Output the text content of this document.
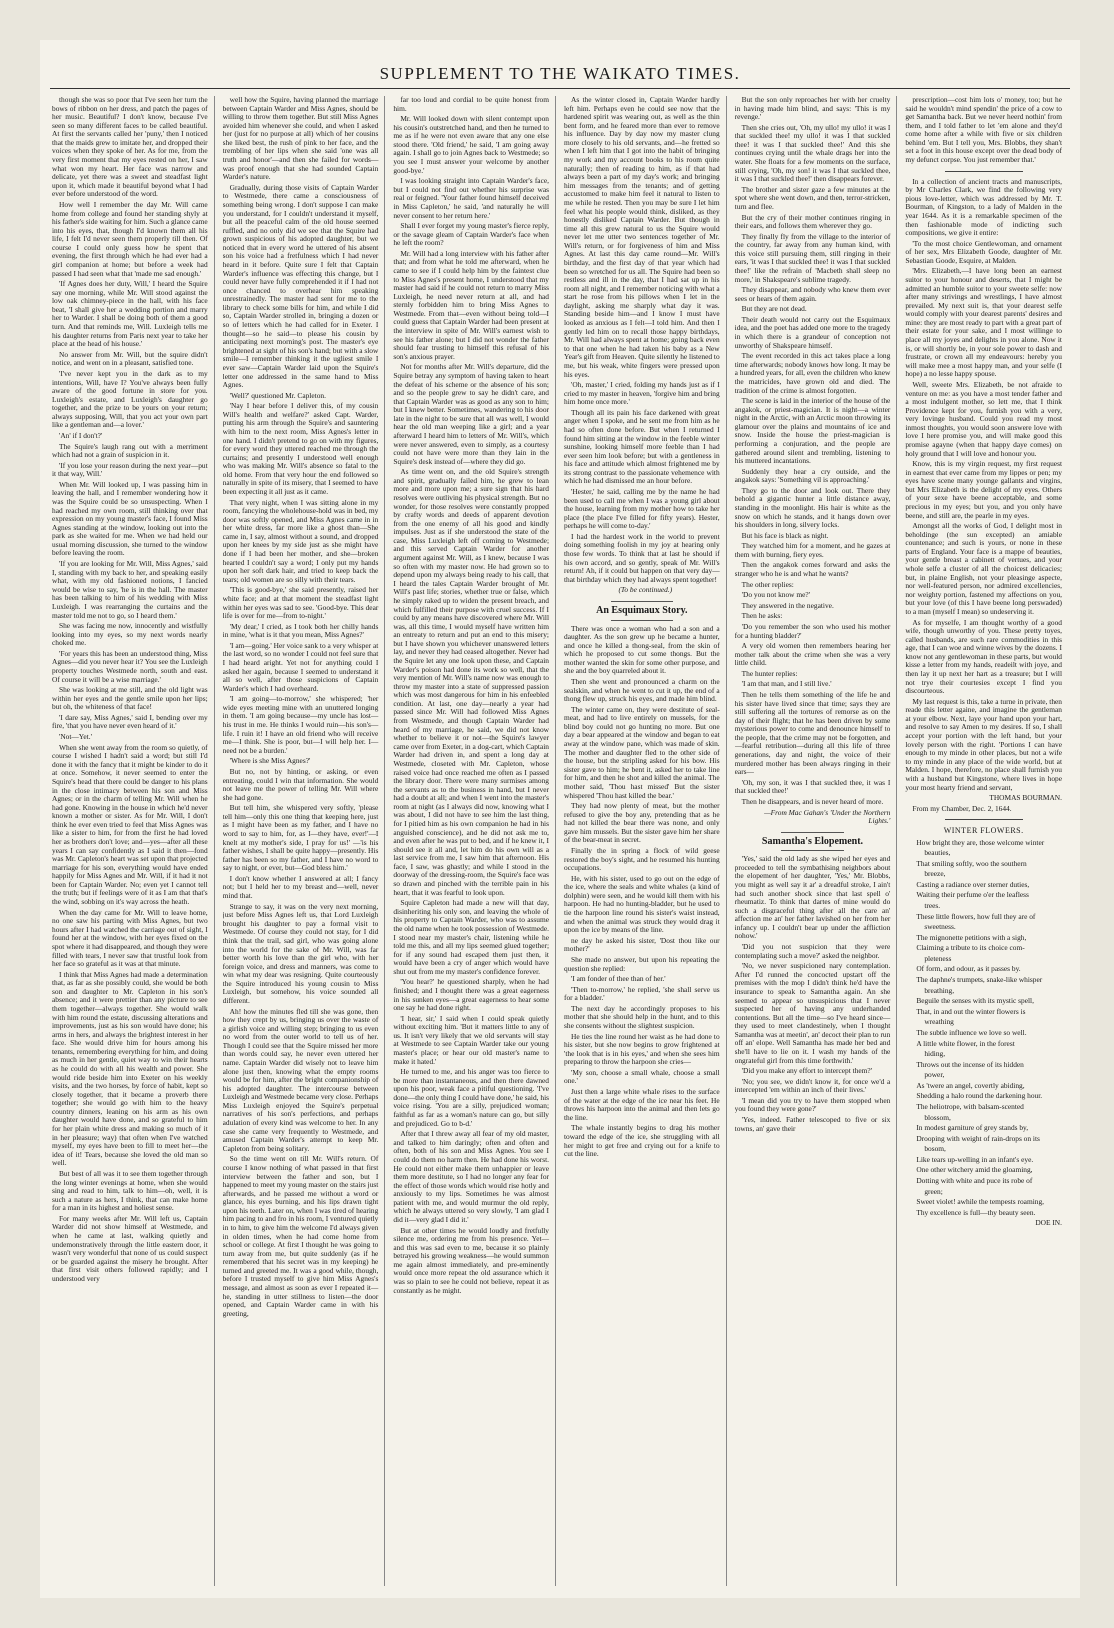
SUPPLEMENT TO THE WAIKATO TIMES.

though she was so poor that I've seen her turn the bows of ribbon on her dress, and patch the pages of her music. Beautiful? I don't know, because I've seen so many different faces to be called beautiful. At first the servants called her 'puny,' then I noticed that the maids grew to imitate her, and dropped their voices when they spoke of her. As for me, from the very first moment that my eyes rested on her, I saw what won my heart. Her face was narrow and delicate, yet there was a sweet and steadfast light upon it, which made it beautiful beyond what I had ever before understood of the word.

How well I remember the day Mr. Will came home from college and found her standing shyly at his father's side waiting for him. Such a glance came into his eyes, that, though I'd known them all his life, I felt I'd never seen them properly till then. Of course I could only guess how he spent that evening, the first through which he had ever had a girl companion at home; but before a week had passed I had seen what that 'made me sad enough.'

'If Agnes does her duty, Will,' I heard the Squire say one morning, while Mr. Will stood against the low oak chimney-piece in the hall, with his face beat, 'I shall give her a wedding portion and marry her to Warder. I shall be doing both of them a good turn. And that reminds me, Will. Luxleigh tells me his daughter returns from Paris next year to take her place at the head of his house.'

No answer from Mr. Will, but the squire didn't notice, and went on in a pleasant, satisfied tone.

'I've never kept you in the dark as to my intentions, Will, have I? You've always been fully aware of the good fortune in store for you. Luxleigh's estate, and Luxleigh's daughter go together, and the prize to be yours on your return; always supposing, Will, that you act your own part like a gentleman and—a lover.'

'An' if I don't?'

The Squire's laugh rang out with a merriment which had not a grain of suspicion in it.

'If you lose your reason during the next year—put it that way, Will.'

When Mr. Will looked up, I was passing him in leaving the hall, and I remember wondering how it was the Squire could be so unsuspecting. When I had reached my own room, still thinking over that expression on my young master's face, I found Miss Agnes standing at the window, looking out into the park as she waited for me. When we had held our usual morning discussion, she turned to the window before leaving the room.

'If you are looking for Mr. Will, Miss Agnes,' said I, standing with my back to her, and speaking easily what, with my old fashioned notions, I fancied would be wise to say, 'he is in the hall. The master has been talking to him of his wedding with Miss Luxleigh. I was rearranging the curtains and the master told me not to go, so I heard them.'

She was facing me now, innocently and wistfully looking into my eyes, so my next words nearly choked me.

'For years this has been an understood thing, Miss Agnes—did you never hear it? You see the Luxleigh property touches Westmede north, south and east. Of course it will be a wise marriage.'

She was looking at me still, and the old light was within her eyes and the gentle smile upon her lips; but oh, the whiteness of that face!

'I dare say, Miss Agnes,' said I, bending over my fire, 'that you have never even heard of it.'

'Not—Yet.'

When she went away from the room so quietly, of course I wished I hadn't said a word; but still I'd done it with the fancy that it might be kinder to do it at once. Somehow, it never seemed to enter the Squire's head that there could be danger to his plans in the close intimacy between his son and Miss Agnes; or in the charm of telling Mr. Will when he had gone. Knowing in the house in which he'd never known a mother or sister. As for Mr. Will, I don't think he ever even tried to feel that Miss Agnes was like a sister to him, for from the first he had loved her as brothers don't love; and—yes—after all these years I can say confidently as I said it then—fond was Mr. Capleton's heart was set upon that projected marriage for his son, everything would have ended happily for Miss Agnes and Mr. Will, if it had it not been for Captain Warder. No; even yet I cannot tell the truth; but if feelings were of it as I am that that's the wind, sobbing on it's way across the heath.

When the day came for Mr. Will to leave home, no one saw his parting with Miss Agnes, but two hours after I had watched the carriage out of sight, I found her at the window, with her eyes fixed on the spot where it had disappeared, and though they were filled with tears, I never saw that trustful look from her face so grateful as it was at that minute.

I think that Miss Agnes had made a determination that, as far as she possibly could, she would be both son and daughter to Mr. Capleton in his son's absence; and it were prettier than any picture to see them together—always together. She would walk with him round the estate, discussing alterations and improvements, just as his son would have done; his arms in hers, and always the brightest interest in her face. She would drive him for hours among his tenants, remembering everything for him, and doing as much in her gentle, quiet way to win their hearts as he could do with all his wealth and power. She would ride beside him into Exeter on his weekly visits, and the two horses, by force of habit, kept so closely together, that it became a proverb there together; she would go with him to the heavy country dinners, leaning on his arm as his own daughter would have done, and so grateful to him for her plain white dress and making so much of it in her pleasure; way) that often when I've watched myself, my eyes have been to fill to meet her—the idea of it! Tears, because she loved the old man so well.

But best of all was it to see them together through the long winter evenings at home, when she would sing and read to him, talk to him—oh, well, it is such a nature as hers, I think, that can make home for a man in its highest and holiest sense.

For many weeks after Mr. Will left us, Captain Warder did not show himself at Westmede, and when he came at last, walking quietly and undemonstratively through the little eastern door, it wasn't very wonderful that none of us could suspect or be guarded against the misery he brought. After that first visit others followed rapidly; and I understood very

well how the Squire, having planned the marriage between Captain Warder and Miss Agnes, should be willing to throw them together. But still Miss Agnes avoided him whenever she could, and when I asked her (just for no purpose at all) which of her cousins she liked best, the rush of pink to her face, and the trembling of her lips when she said 'one was all truth and honor'—and then she failed for words—was proof enough that she had sounded Captain Warder's nature.

Gradually, during those visits of Captain Warder to Westmede, there came a consciousness of something being wrong. I don't suppose I can make you understand, for I couldn't understand it myself, but all the peaceful calm of the old house seemed ruffled, and no only did we see that the Squire had grown suspicious of his adopted daughter, but we noticed that in every word he uttered of his absent son his voice had a fretfulness which I had never heard in it before. Quite sure I felt that Captain Warder's influence was effecting this change, but I could never have fully comprehended it if I had not once chanced to overhear him speaking unrestrainedly. The master had sent for me to the library to check some bills for him, and while I did so, Captain Warder strolled in, bringing a dozen or so of letters which he had called for in Exeter. I thought—so he said—to please his cousin by anticipating next morning's post. The master's eye brightened at sight of his son's hand; but with a slow smile—I remember thinking it the ugliest smile I ever saw—Captain Warder laid upon the Squire's letter one addressed in the same hand to Miss Agnes.

'Well?' questioned Mr. Capleton.

'Nay I hear before I deliver this, of my cousin Will's health and welfare?' asked Capt. Warder, putting his arm through the Squire's and sauntering with him to the next room, Miss Agnes's letter in one hand. I didn't pretend to go on with my figures, for every word they uttered reached me through the curtains; and presently I understood well enough who was making Mr. Will's absence so fatal to the old home. From that very hour the end followed so naturally in spite of its misery, that I seemed to have been expecting it all just as it came.

That very night, when I was sitting alone in my room, fancying the wholehouse-hold was in bed, my door was softly opened, and Miss Agnes came in in her white dress, far more like a ghost than—She came in, I say, almost without a sound, and dropped upon her knees by my side just as she might have done if I had been her mother, and she—broken hearted I couldn't say a word; I only put my hands upon her soft dark hair, and tried to keep back the tears; old women are so silly with their tears.

'This is good-bye,' she said presently, raised her white face; and at that moment the steadfast light within her eyes was sad to see. 'Good-bye. This dear life is over for me—from to-night.'

'My dear,' I cried, as I took both her chilly hands in mine, 'what is it that you mean, Miss Agnes?'

'I am—going.' Her voice sank to a very whisper at the last word, so no wonder I could not feel sure that I had heard aright. Yet not for anything could I asked her again, because I seemed to understand it all so well, after those suspicions of Captain Warder's which I had overheard.

'I am going—to-morrow,' she whispered; 'her wide eyes meeting mine with an unuttered longing in them. 'I am going because—my uncle has lost—his trust in me. He thinks I would ruin—his son's—life. I ruin it! I have an old friend who will receive me—I think. She is poor, but—I will help her. I—need not be a burden.'

'Where is she Miss Agnes?'

But no, not by hinting, or asking, or even entreating, could I win that information. She would not leave me the power of telling Mr. Will where she had gone.

But tell him, she whispered very softly, 'please tell him—only this one thing that keeping here, just as I might have been as my father, and I have no word to say to him, for, as I—they have, ever!'—I knelt at my mother's side, I pray for us!' —'is his father wishes, I shall be quite happy—presently. His father has been so my father, and I have no word to say to night, or ever, but—God bless him.'

I don't know whether I answered at all; I fancy not; but I held her to my breast and—well, never mind that.

Strange to say, it was on the very next morning, just before Miss Agnes left us, that Lord Luxleigh brought his daughter to pay a formal visit to Westmede. Of course they could not stay, for I did think that the trail, sad girl, who was going alone into the world for the sake of Mr. Will, was far better worth his love than the girl who, with her foreign voice, and dress and manners, was come to win what my dear was resigning. Quite courteously the Squire introduced his young cousin to Miss Luxleigh, but somehow, his voice sounded all different.

Ah! how the minutes fled till she was gone, then how they crept by us, bringing us over the waste of a girlish voice and willing step; bringing to us even no word from the outer world to tell us of her. Though I could see that the Squire missed her more than words could say, he never even uttered her name. Captain Warder did wisely not to leave him alone just then, knowing what the empty rooms would be for him, after the bright companionship of his adopted daughter. The intercourse between Luxleigh and Westmede became very close. Perhaps Miss Luxleigh enjoyed the Squire's perpetual narratives of his son's perfections, and perhaps adulation of every kind was welcome to her. In any case she came very frequently to Westmede, and amused Captain Warder's attempt to keep Mr. Capleton from being solitary.

So the time went on till Mr. Will's return. Of course I know nothing of what passed in that first interview between the father and son, but I happened to meet my young master on the stairs just afterwards, and he passed me without a word or glance, his eyes burning, and his lips drawn tight upon his teeth. Later on, when I was tired of hearing him pacing to and fro in his room, I ventured quietly in to him, to give him the welcome I'd always given in olden times, when he had come home from school or college. At first I thought he was going to turn away from me, but quite suddenly (as if he remembered that his secret was in my keeping) he turned and greeted me. It was a good while, though, before I trusted myself to give him Miss Agnes's message, and almost as soon as ever I repeated it—he, standing in utter stillness to listen—the door opened, and Captain Warder came in with his greeting,

far too loud and cordial to be quite honest from him.

Mr. Will looked down with silent contempt upon his cousin's outstretched hand, and then he turned to me as if he were not even aware that any one else stood there. 'Old friend,' he said, 'I am going away again. I shall go to join Agnes back to Westmede; so you see I must answer your welcome by another good-bye.'

I was looking straight into Captain Warder's face, but I could not find out whether his surprise was real or feigned. 'Your father found himself deceived in Miss Capleton,' he said, 'and naturally he will never consent to her return here.'

Shall I ever forget my young master's fierce reply, or the savage gleam of Captain Warder's face when he left the room?

Mr. Will had a long interview with his father after that; and from what he told me afterward, when he came to see if I could help him by the faintest clue to Miss Agnes's present home, I understood that my master had said if he could not return to marry Miss Luxleigh, he need never return at all, and had sternly forbidden him to bring Miss Agnes to Westmede. From that—even without being told—I could guess that Captain Warder had been present at the interview in spite of Mr. Will's earnest wish to see his father alone; but I did not wonder the father should fear trusting to himself this refusal of his son's anxious prayer.

Not for months after Mr. Will's departure, did the Squire betray any symptom of having taken to heart the defeat of his scheme or the absence of his son; and so the people grew to say he didn't care, and that Captain Warder was as good as any son to him; but I knew better. Sometimes, wandering to his door late in the night to be sure that all was well, I would hear the old man weeping like a girl; and a year afterward I heard him to letters of Mr. Will's, which were never answered, even to simply, as a courtesy could not have were more than they lain in the Squire's desk instead of—where they did go.

As time went on, and the old Squire's strength and spirit, gradually failed him, he grew to lean more and more upon me; a sure sign that his hard resolves were outliving his physical strength. But no wonder, for those resolves were constantly propped by crafty words and deeds of apparent devotion from the one enemy of all his good and kindly impulses. Just as if she understood the state of the case, Miss Luxleigh left off coming to Westmede; and this served Captain Warder for another argument against Mr. Will, as I knew, because I was so often with my master now. He had grown so to depend upon my always being ready to his call, that I heard the tales Captain Warder brought of Mr. Will's past life; stories, whether true or false, which he simply raked up to widen the present breach, and which fulfilled their purpose with cruel success. If I could by any means have discovered where Mr. Will was, all this time, I would myself have written him an entreaty to return and put an end to this misery; but I have shown you whichever unanswered letters lay, and never they had ceased altogether. Never had the Squire let any one look upon these, and Captain Warder's poison had done its work so well, that the very mention of Mr. Will's name now was enough to throw my master into a state of suppressed passion which was most dangerous for him in his enfeebled condition. At last, one day—nearly a year had passed since Mr. Will had followed Miss Agnes from Westmede, and though Captain Warder had heard of my marriage, he said, we did not know whether to believe it or not—the Squire's lawyer came over from Exeter, in a dog-cart, which Captain Warder had driven in, and spent a long day at Westmede, closeted with Mr. Capleton, whose raised voice had once reached me often as I passed the library door. There were many surmises among the servants as to the business in hand, but I never had a doubt at all; and when I went into the master's room at night (as I always did now, knowing what I was about, I did not have to see him the last thing, for I pitied him as his own companion he had in his anguished conscience), and he did not ask me to, and even after he was put to bed, and if he knew it, I should see it all and, let him do his own will as a last service from me, I saw him that afternoon. His face, I saw, was ghastly; and while I stood in the doorway of the dressing-room, the Squire's face was so drawn and pinched with the terrible pain in his heart, that it was fearful to look upon.

Squire Capleton had made a new will that day, disinheriting his only son, and leaving the whole of his property to Captain Warder, who was to assume the old name when he took possession of Westmede. I stood near my master's chair, listening while he told me this, and all my lips seemed glued together; for if any sound had escaped them just then, it would have been a cry of anger which would have shut out from me my master's confidence forever.

'You hear?' he questioned sharply, when he had finished; and I thought there was a great eagerness in his sunken eyes—a great eagerness to hear some one say he had done right.

'I hear, sir,' I said when I could speak quietly without exciting him. 'But it matters little to any of us. It isn't very likely that we old servants will stay at Westmede to see Captain Warder take our young master's place; or hear our old master's name to make it hated.'

He turned to me, and his anger was too fierce to be more than instantaneous, and then there dawned upon his poor, weak face a pitiful questioning. 'I've done—the only thing I could have done,' he said, his voice rising. 'You are a silly, prejudiced woman; faithful as far as a woman's nature can go, but silly and prejudiced. Go to b-d.'

After that I threw away all fear of my old master, and talked to him daringly; often and often and often, both of his son and Miss Agnes. You see I could do them no harm then. He had done his worst. He could not either make them unhappier or leave them more destitute, so I had no longer any fear for the effect of those words which would rise hotly and anxiously to my lips. Sometimes he was almost patient with me, and would murmur the old reply, which he always uttered so very slowly, 'I am glad I did it—very glad I did it.'

But at other times he would loudly and fretfully silence me, ordering me from his presence. Yet—and this was sad even to me, because it so plainly betrayed his growing weakness—he would summon me again almost immediately, and pre-eminently would once more repeat the old assurance which it was so plain to see he could not believe, repeat it as constantly as he might.

As the winter closed in, Captain Warder hardly left him. Perhaps even he could see now that the hardened spirit was wearing out, as well as the thin bent form, and he feared more than ever to remove his influence. Day by day now my master clung more closely to his old servants, and—he fretted so when I left him that I got into the habit of bringing my work and my account books to his room quite naturally; then of reading to him, as if that had always been a part of my day's work; and bringing him messages from the tenants; and of getting accustomed to make him feel it natural to listen to me while he rested. Then you may be sure I let him feel what his people would think, disliked, as they honestly disliked Captain Warder. But though in time all this grew natural to us the Squire would never let me utter two sentences together of Mr. Will's return, or for forgiveness of him and Miss Agnes. At last this day came round—Mr. Will's birthday, and the first day of that year which had been so wretched for us all. The Squire had been so restless and ill in the day, that I had sat up in his room all night, and I remember noticing with what a start he rose from his pillows when I let in the daylight, asking me sharply what day it was. Standing beside him—and I know I must have looked as anxious as I felt—I told him. And then I gently led him on to recall those happy birthdays, Mr. Will had always spent at home; going back even to that one when he had taken his baby as a New Year's gift from Heaven. Quite silently he listened to me, but his weak, white fingers were pressed upon his eyes.

'Oh, master,' I cried, folding my hands just as if I cried to my master in heaven, 'forgive him and bring him home once more.'

Though all its pain his face darkened with great anger when I spoke, and he sent me from him as he had so often done before. But when I returned I found him sitting at the window in the feeble winter sunshine, looking himself more feeble than I had ever seen him look before; but with a gentleness in his face and attitude which almost frightened me by its strong contrast to the passionate vehemence with which he had dismissed me an hour before.

'Hester,' he said, calling me by the name he had been used to call me when I was a young girl about the house, learning from my mother how to take her place (the place I've filled for fifty years). Hester, perhaps he will come to-day.'

I had the hardest work in the world to prevent doing something foolish in my joy at hearing only those few words. To think that at last he should if his own accord, and so gently, speak of Mr. Will's return! Ah, if it could but happen on that very day—that birthday which they had always spent together!

(To be continued.)

An Esquimaux Story.

There was once a woman who had a son and a daughter. As the son grew up he became a hunter, and once he killed a thong-seal, from the skin of which he proposed to cut some thongs. But the mother wanted the skin for some other purpose, and she and the boy quarreled about it.

Then she went and pronounced a charm on the sealskin, and when he went to cut it up, the end of a thong flew up, struck his eyes, and made him blind.

The winter came on, they were destitute of seal-meat, and had to live entirely on mussels, for the blind boy could not go hunting no more. But one day a bear appeared at the window and began to eat away at the window pane, which was made of skin. The mother and daughter fled to the other side of the house, but the stripling asked for his bow. His sister gave to him; he bent it, asked her to take line for him, and then he shot and killed the animal. The mother said, 'Thou hast missed' But the sister whispered 'Thou hast killed the bear.'

They had now plenty of meat, but the mother refused to give the boy any, pretending that as he had not killed the bear there was none, and only gave him mussels. But the sister gave him her share of the bear-meat in secret.

Finally the in spring a flock of wild geese restored the boy's sight, and he resumed his hunting occupations.

He, with his sister, used to go out on the edge of the ice, where the seals and white whales (a kind of dolphin) were seen, and he would kill them with his harpoon. He had no hunting-bladder, but he used to tie the harpoon line round his sister's waist instead, and when the animal was struck they would drag it upon the ice by means of the line.

ne day he asked his sister, 'Dost thou like our mother?'

She made no answer, but upon his repeating the question she replied:

'I am fonder of thee than of her.'

'Then to-morrow,' he replied, 'she shall serve us for a bladder.'

The next day he accordingly proposes to his mother that she should help in the hunt, and to this she consents without the slightest suspicion.

He ties the line round her waist as he had done to his sister, but she now begins to grow frightened at 'the look that is in his eyes,' and when she sees him preparing to throw the harpoon she cries—

'My son, choose a small whale, choose a small one.'

Just then a large white whale rises to the surface of the water at the edge of the ice near his feet. He throws his harpoon into the animal and then lets go the line.

The whale instantly begins to drag his mother toward the edge of the ice, she struggling with all her might to get free and crying out for a knife to cut the line.

But the son only reproaches her with her cruelty in having made him blind, and says: 'This is my revenge.'

Then she cries out, 'Oh, my ullo! my ullo! it was I that suckled thee! my ullo! it was I that suckled thee! it was I that suckled thee!' And this she continues crying until the whale drags her into the water. She floats for a few moments on the surface, still crying, 'Oh, my son! it was I that suckled thee, it was I that suckled thee!' then disappears forever.

The brother and sister gaze a few minutes at the spot where she went down, and then, terror-stricken, turn and flee.

But the cry of their mother continues ringing in their ears, and follows them wherever they go.

They finally fly from the village to the interior of the country, far away from any human kind, with this voice still pursuing them, still ringing in their ears, 'it was I that suckled thee! it was I that suckled thee!' like the refrain of 'Macbeth shall sleep no more,' in Shakspeare's sublime tragedy.

They disappear, and nobody who knew them ever sees or hears of them again.

But they are not dead.

Their death would not carry out the Esquimaux idea, and the poet has added one more to the tragedy in which there is a grandeur of conception not unworthy of Shakspeare himself.

The event recorded in this act takes place a long time afterwards; nobody knows how long. It may be a hundred years, for all, even the children who knew the matricides, have grown old and died. The tradition of the crime is almost forgotten.

The scene is laid in the interior of the house of the angakok, or priest-magician. It is night—a winter night in the Arctic, with an Arctic moon throwing its glamour over the plains and mountains of ice and snow. Inside the house the priest-magician is performing a conjuration, and the people are gathered around silent and trembling, listening to his muttered incantations.

Suddenly they hear a cry outside, and the angakok says: 'Something vil is approaching.'

They go to the door and look out. There they behold a gigantic hunter a little distance away, standing in the moonlight. His hair is white as the snow on which he stands, and it hangs down over his shoulders in long, silvery locks.

But his face is black as night.

They watched him for a moment, and he gazes at them with burning, fiery eyes.

Then the angakok comes forward and asks the stranger who he is and what he wants?

The other replies:

'Do you not know me?'

They answered in the negative.

Then he asks:

'Do you remember the son who used his mother for a hunting bladder?'

A very old women then remembers hearing her mother talk about the crime when she was a very little child.

The hunter replies:

'I am that man, and I still live.'

Then he tells them something of the life he and his sister have lived since that time; says they are still suffering all the tortures of remorse as on the day of their flight; that he has been driven by some mysterious power to come and denounce himself to the people, that the crime may not be forgotten, and—fearful retribution—during all this life of three generations, day and night, the voice of their murdered mother has been always ringing in their ears—

'Oh, my son, it was I that suckled thee, it was I that suckled thee!'

Then he disappears, and is never heard of more.

—From Mac Gahan's 'Under the Northern Lights.'

Samantha's Elopement.

'Yes,' said the old lady as she wiped her eyes and proceeded to tell the symbathising neighbors about the elopement of her daughter, 'Yes,' Mr. Blobbs, you might as well say it ar' a dreadful stroke, I ain't had such another shock since that last spell o' rheumatiz. To think that dartes of mine would do such a disgraceful thing after all the care an' affection me an' her father lavished on her from her infancy up. I couldn't bear up under the affliction nohow.'

'Did you not suspicion that they were contemplating such a move?' asked the neighbor.

'No, we never suspicioned nary contemplation. After I'd runned the concocted upstart off the premises with the mop I didn't think he'd have the insurance to speak to Samantha again. An she seemed to appear so unsuspicious that I never suspected her of having any underhanded contentions. But all the time—so I've heard since—they used to meet clandestinely, when I thought Samantha was at meetin', an' decoct their plan to run off an' elope. Well Samantha has made her bed and she'll have to lie on it. I wash my hands of the ongrateful girl from this time forthwith.'

'Did you make any effort to intercept them?'

'No; you see, we didn't know it, for once we'd a intercepted 'em within an inch of their lives.'

'I mean did you try to have them stopped when you found they were gone?'

'Yes, indeed. Father telescoped to five or six towns, an' gave their

prescription—cost him lots o' money, too; but he said he wouldn't mind spendin' the price of a cow to get Samantha back. But we never heerd nothin' from them, and I told father to let 'em alone and they'd come home after a while with five or six children behind 'em. But I tell you, Mrs. Blobbs, they shan't set a foot in this house except over the dead body of my defunct corpse. You just remember that.'

In a collection of ancient tracts and manuscripts, by Mr Charles Clark, we find the following very pious love-letter, which was addressed by Mr. T. Bourman, of Kingston, to a lady of Malden in the year 1644. As it is a remarkable specimen of the then fashionable mode of indicting such compositions, we give it entire:

'To the most choice Gentlewoman, and ornament of her sex, Mrs Elizabeth Goode, daughter of Mr. Sebastian Goode, Esquire, at Malden.

'Mrs. Elizabeth,—I have long been an earnest suitor to your honour and deserts, that I might be admitted an humble suitor to your sweete selfe: now after many strivings and wrestlings, I have almost prevailed. My next suit is, that your dearest selfe would comply with your dearest parents' desires and mine: they are most ready to part with a great part of their estate for your sake, and I most willinge to place all my joyes and delights in you alone. Now it is, or will shortly be, in your sole power to dash and frustrate, or crown all my endeavours: hereby you will make mee a most happy man, and your selfe (I hope) a no lesse happy spouse.

Well, sweete Mrs. Elizabeth, be not afraide to venture on me: as you have a most tender father and a most indulgent mother, so lett me, that I think Providence kept for you, furnish you with a very, very lovinge husband. Could you read my most inmost thoughts, you would soon answere love with love I here promise you, and will make good this promise agayne (when that happy daye comes) on holy ground that I will love and honour you.

Know, this is my virgin request, my first request in earnest that ever came from my lippes or pen; my eyes have scene many younge gallants and virgins, but Mrs Elizabeth is the delight of my eyes. Others of your sexe have beene acceptable, and some precious in my eyes; but you, and you only have beene, and still are, the pearle in my eyes.

Amongst all the works of God, I delight most in beholdinge (the sun excepted) an amiable countenance; and such is yours, or none in these parts of England. Your face is a mappe of beauties, your gentle breast a cabinett of vertues, and your whole selfe a cluster of all the choicest delicacies; but, in plaine English, not your pleasinge aspecte, nor well-featured person, nor admired excellencies, nor weighty portion, fastened my affections on you, but your love (of this I have beene long perswaded) to a man (myself I mean) so undeserving it.

As for myselfe, I am thought worthy of a good wife, though unworthy of you. These pretty toyes, called husbands, are such rare commodities in this age, that I can woe and winne wives by the dozens. I know not any gentlewoman in these parts, but would kisse a letter from my hands, readeilt with joye, and then lay it up next her hart as a treasure; but I will not trye their courtesies except I find you discourteous.

My last request is this, take a turne in private, then reade this letter againe, and imagine the gentleman at your elbow. Next, laye your hand upon your hart, and resolve to say Amen to my desires. If so, I shall accept your portion with the left hand, but your lovely person with the right. 'Portions I can have enough to my minde in other places, but not a wife to my minde in any place of the wide world, but at Malden. I hope, therefore, no place shall furnish you with a husband but Kingstone, where lives in hope your most hearty friend and servant,

THOMAS BOURMAN.

From my Chamber, Dec. 2, 1644.

WINTER FLOWERS.

How bright they are, those welcome winter

beauties,

That smiling softly, woo the southern

breeze,

Casting a radiance over sterner duties,

Waiting their perfume o'er the leafless

trees.

These little flowers, how full they are of

sweetness.

The mignonette petitions with a sigh,

Claiming a tribute to its choice com-

pleteness

Of form, and odour, as it passes by.

The daphne's trumpets, snake-like whisper

breathing,

Beguile the senses with its mystic spell,

That, in and out the winter flowers is

wreathing

The subtle influence we love so well.

A little white flower, in the forest

hiding,

Throws out the incense of its hidden

power,

As 'twere an angel, covertly abiding,

Shedding a halo round the darkening hour.

The heliotrope, with balsam-scented

blossom,

In modest garniture of grey stands by,

Drooping with weight of rain-drops on its

bosom,

Like tears up-welling in an infant's eye.

One other witchery amid the gloaming,

Dotting with white and puce its robe of

green;

Sweet violet! awhile the tempests roaming,

Thy excellence is full—thy beauty seen.

DOE IN.
